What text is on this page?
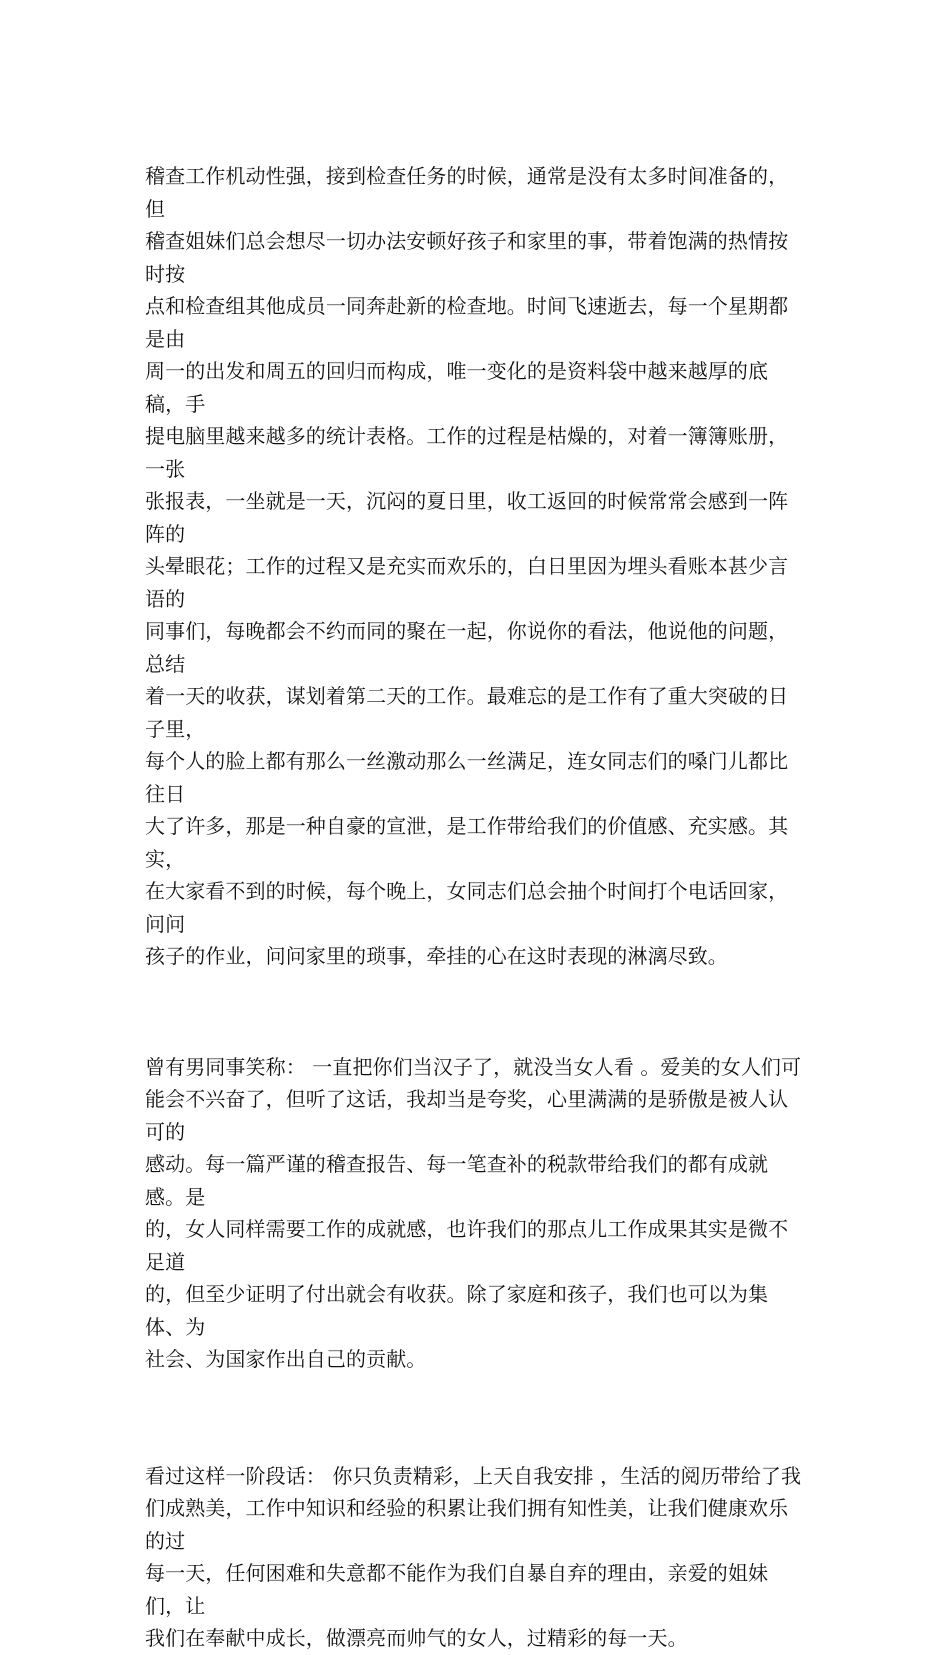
稽查工作机动性强，接到检查任务的时候，通常是没有太多时间准备的，但
稽查姐妹们总会想尽一切办法安顿好孩子和家里的事，带着饱满的热情按时按
点和检查组其他成员一同奔赴新的检查地。时间飞速逝去，每一个星期都是由
周一的出发和周五的回归而构成，唯一变化的是资料袋中越来越厚的底稿，手
提电脑里越来越多的统计表格。工作的过程是枯燥的，对着一簿簿账册，一张
张报表，一坐就是一天，沉闷的夏日里，收工返回的时候常常会感到一阵阵的
头晕眼花；工作的过程又是充实而欢乐的，白日里因为埋头看账本甚少言语的
同事们，每晚都会不约而同的聚在一起，你说你的看法，他说他的问题，总结
着一天的收获，谋划着第二天的工作。最难忘的是工作有了重大突破的日子里，
每个人的脸上都有那么一丝激动那么一丝满足，连女同志们的嗓门儿都比往日
大了许多，那是一种自豪的宣泄，是工作带给我们的价值感、充实感。其实，
在大家看不到的时候，每个晚上，女同志们总会抽个时间打个电话回家，问问
孩子的作业，问问家里的琐事，牵挂的心在这时表现的淋漓尽致。

曾有男同事笑称： 一直把你们当汉子了，就没当女人看 。爱美的女人们可
能会不兴奋了，但听了这话，我却当是夸奖，心里满满的是骄傲是被人认可的
感动。每一篇严谨的稽查报告、每一笔查补的税款带给我们的都有成就感。是
的，女人同样需要工作的成就感，也许我们的那点儿工作成果其实是微不足道
的，但至少证明了付出就会有收获。除了家庭和孩子，我们也可以为集体、为
社会、为国家作出自己的贡献。

看过这样一阶段话： 你只负责精彩，上天自我安排 ，生活的阅历带给了我
们成熟美，工作中知识和经验的积累让我们拥有知性美，让我们健康欢乐的过
每一天，任何困难和失意都不能作为我们自暴自弃的理由，亲爱的姐妹们，让
我们在奉献中成长，做漂亮而帅气的女人，过精彩的每一天。
